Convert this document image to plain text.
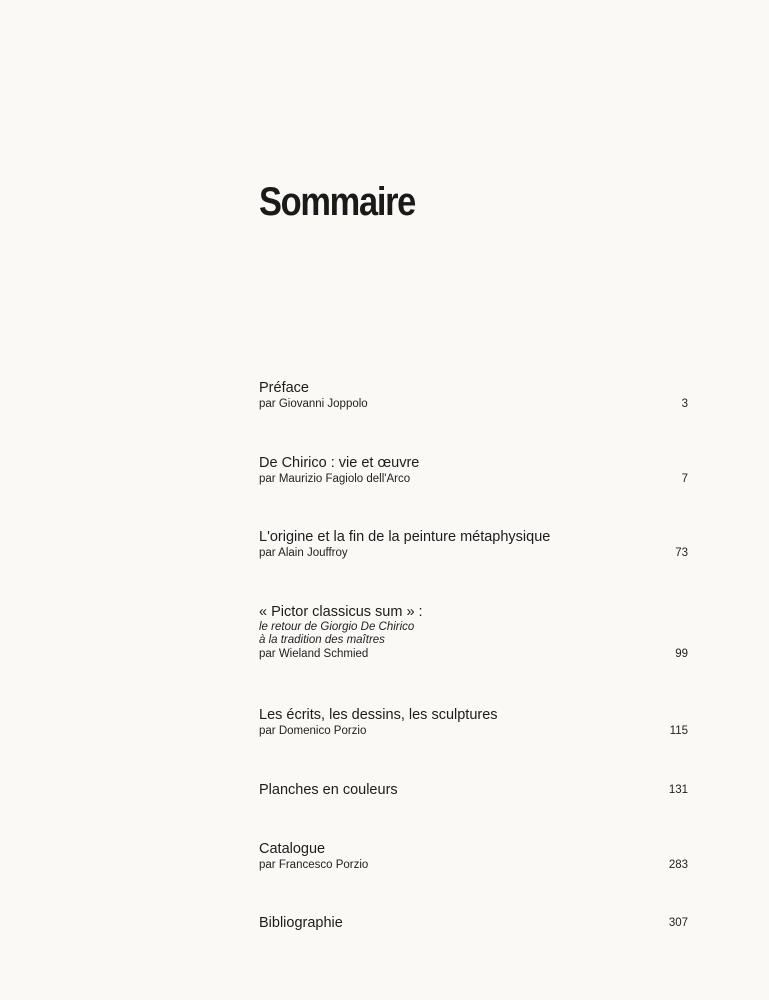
Sommaire
Préface
par Giovanni Joppolo	3
De Chirico : vie et œuvre
par Maurizio Fagiolo dell'Arco	7
L'origine et la fin de la peinture métaphysique
par Alain Jouffroy	73
« Pictor classicus sum » :
le retour de Giorgio De Chirico
à la tradition des maîtres
par Wieland Schmied	99
Les écrits, les dessins, les sculptures
par Domenico Porzio	115
Planches en couleurs	131
Catalogue
par Francesco Porzio	283
Bibliographie	307
